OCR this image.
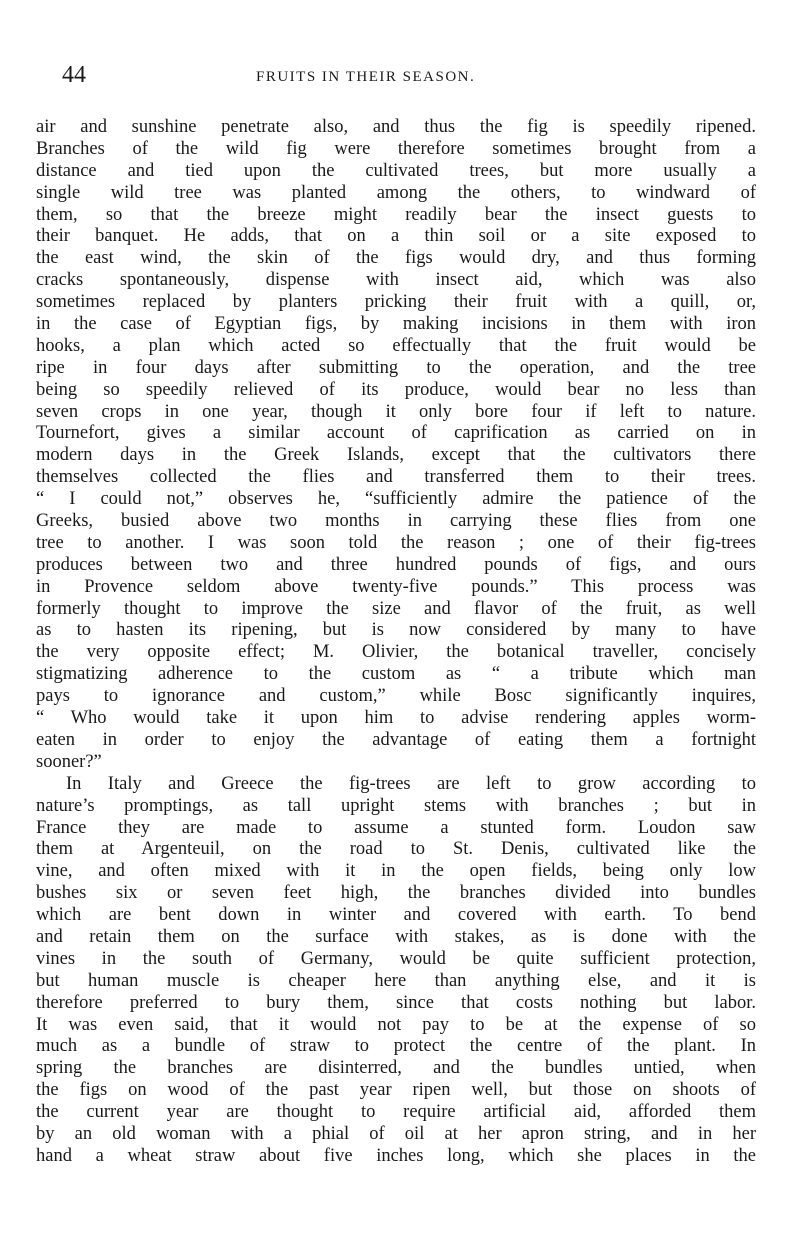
44	FRUITS IN THEIR SEASON.
air and sunshine penetrate also, and thus the fig is speedily ripened.
Branches of the wild fig were therefore sometimes brought from a
distance and tied upon the cultivated trees, but more usually a
single wild tree was planted among the others, to windward of
them, so that the breeze might readily bear the insect guests to
their banquet. He adds, that on a thin soil or a site exposed to
the east wind, the skin of the figs would dry, and thus forming
cracks spontaneously, dispense with insect aid, which was also
sometimes replaced by planters pricking their fruit with a quill, or,
in the case of Egyptian figs, by making incisions in them with iron
hooks, a plan which acted so effectually that the fruit would be
ripe in four days after submitting to the operation, and the tree
being so speedily relieved of its produce, would bear no less than
seven crops in one year, though it only bore four if left to nature.
Tournefort, gives a similar account of caprification as carried on in
modern days in the Greek Islands, except that the cultivators there
themselves collected the flies and transferred them to their trees.
“ I could not,” observes he, “sufficiently admire the patience of the
Greeks, busied above two months in carrying these flies from one
tree to another. I was soon told the reason ; one of their fig-trees
produces between two and three hundred pounds of figs, and ours
in Provence seldom above twenty-five pounds.” This process was
formerly thought to improve the size and flavor of the fruit, as well
as to hasten its ripening, but is now considered by many to have
the very opposite effect; M. Olivier, the botanical traveller, concisely
stigmatizing adherence to the custom as “ a tribute which man
pays to ignorance and custom,” while Bosc significantly inquires,
“ Who would take it upon him to advise rendering apples worm-
eaten in order to enjoy the advantage of eating them a fortnight
sooner?”
In Italy and Greece the fig-trees are left to grow according to
nature’s promptings, as tall upright stems with branches ; but in
France they are made to assume a stunted form. Loudon saw
them at Argenteuil, on the road to St. Denis, cultivated like the
vine, and often mixed with it in the open fields, being only low
bushes six or seven feet high, the branches divided into bundles
which are bent down in winter and covered with earth. To bend
and retain them on the surface with stakes, as is done with the
vines in the south of Germany, would be quite sufficient protection,
but human muscle is cheaper here than anything else, and it is
therefore preferred to bury them, since that costs nothing but labor.
It was even said, that it would not pay to be at the expense of so
much as a bundle of straw to protect the centre of the plant. In
spring the branches are disinterred, and the bundles untied, when
the figs on wood of the past year ripen well, but those on shoots of
the current year are thought to require artificial aid, afforded them
by an old woman with a phial of oil at her apron string, and in her
hand a wheat straw about five inches long, which she places in the
